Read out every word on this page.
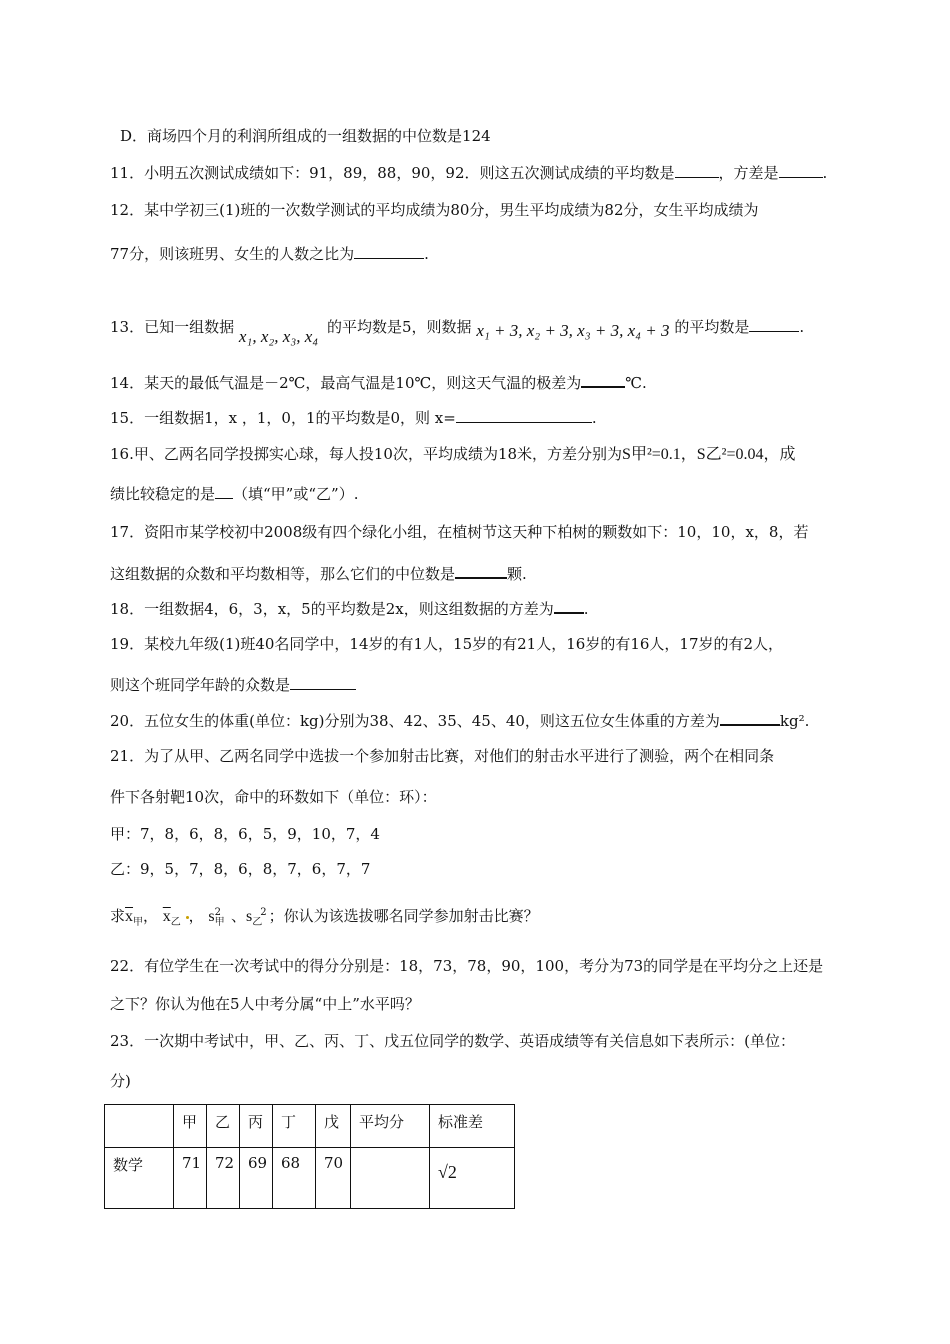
D．商场四个月的利润所组成的一组数据的中位数是124
11．小明五次测试成绩如下：91，89，88，90，92．则这五次测试成绩的平均数是	，方差是	.
12．某中学初三(1)班的一次数学测试的平均成绩为80分，男生平均成绩为82分，女生平均成绩为
77分，则该班男、女生的人数之比为	.
13．已知一组数据 x₁, x₂, x₃, x₄ 的平均数是5，则数据 x₁ + 3, x₂ + 3, x₃ + 3, x₄ + 3 的平均数是	.
14．某天的最低气温是－2℃，最高气温是10℃，则这天气温的极差为	℃.
15．一组数据1，x ，1，0，1的平均数是0，则 x=	.
16.甲、乙两名同学投掷实心球，每人投10次，平均成绩为18米，方差分别为S甲²=0.1，S乙²=0.04，成
绩比较稳定的是 （填“甲”或“乙”）.
17．资阳市某学校初中2008级有四个绿化小组，在植树节这天种下柏树的颗数如下：10，10，x，8，若
这组数据的众数和平均数相等，那么它们的中位数是	颗.
18．一组数据4，6，3，x，5的平均数是2x，则这组数据的方差为 .
19．某校九年级(1)班40名同学中，14岁的有1人，15岁的有21人，16岁的有16人，17岁的有2人，
则这个班同学年龄的众数是
20．五位女生的体重(单位：kg)分别为38、42、35、45、40，则这五位女生体重的方差为	kg².
21．为了从甲、乙两名同学中选拔一个参加射击比赛，对他们的射击水平进行了测验，两个在相同条
件下各射靶10次，命中的环数如下（单位：环）：
甲：7，8，6，8，6，5，9，10，7，4
乙：9，5，7，8，6，8，7，6，7，7
求$\overline{x}_甲$， $\overline{x}_乙$ ， $s_甲^2$ 、$s_乙^2$ ；你认为该选拔哪名同学参加射击比赛？
22．有位学生在一次考试中的得分分别是：18，73，78，90，100，考分为73的同学是在平均分之上还是
之下？你认为他在5人中考分属“中上”水平吗？
23．一次期中考试中，甲、乙、丙、丁、戊五位同学的数学、英语成绩等有关信息如下表所示：(单位：
分)

	甲	乙	丙	丁	戊	平均分	标准差

数学	71	72	69	68	70		√2
